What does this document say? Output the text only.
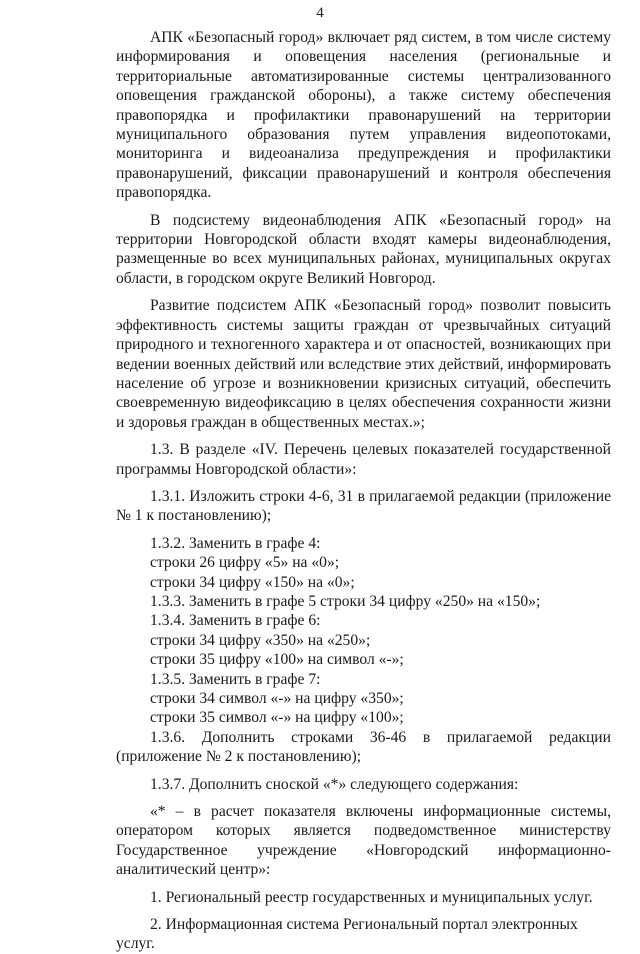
4

АПК «Безопасный город» включает ряд систем, в том числе систему информирования и оповещения населения (региональные и территориальные автоматизированные системы централизованного оповещения гражданской обороны), а также систему обеспечения правопорядка и профилактики правонарушений на территории муниципального образования путем управления видеопотоками, мониторинга и видеоанализа предупреждения и профилактики правонарушений, фиксации правонарушений и контроля обеспечения правопорядка.

В подсистему видеонаблюдения АПК «Безопасный город» на территории Новгородской области входят камеры видеонаблюдения, размещенные во всех муниципальных районах, муниципальных округах области, в городском округе Великий Новгород.

Развитие подсистем АПК «Безопасный город» позволит повысить эффективность системы защиты граждан от чрезвычайных ситуаций природного и техногенного характера и от опасностей, возникающих при ведении военных действий или вследствие этих действий, информировать население об угрозе и возникновении кризисных ситуаций, обеспечить своевременную видеофиксацию в целях обеспечения сохранности жизни и здоровья граждан в общественных местах.»;

1.3. В разделе «IV. Перечень целевых показателей государственной программы Новгородской области»:

1.3.1. Изложить строки 4-6, 31 в прилагаемой редакции (приложение № 1 к постановлению);

1.3.2. Заменить в графе 4:

строки 26 цифру «5» на «0»;

строки 34 цифру «150» на «0»;

1.3.3. Заменить в графе 5 строки 34 цифру «250» на «150»;

1.3.4. Заменить в графе 6:

строки 34 цифру «350» на «250»;

строки 35 цифру «100» на символ «-»;

1.3.5. Заменить в графе 7:

строки 34 символ «-» на цифру «350»;

строки 35 символ «-» на цифру «100»;

1.3.6. Дополнить строками 36-46 в прилагаемой редакции (приложение № 2 к постановлению);

1.3.7. Дополнить сноской «*» следующего содержания:

«* – в расчет показателя включены информационные системы, оператором которых является подведомственное министерству Государственное учреждение «Новгородский информационно-аналитический центр»:

1. Региональный реестр государственных и муниципальных услуг.

2. Информационная система Региональный портал электронных услуг.
